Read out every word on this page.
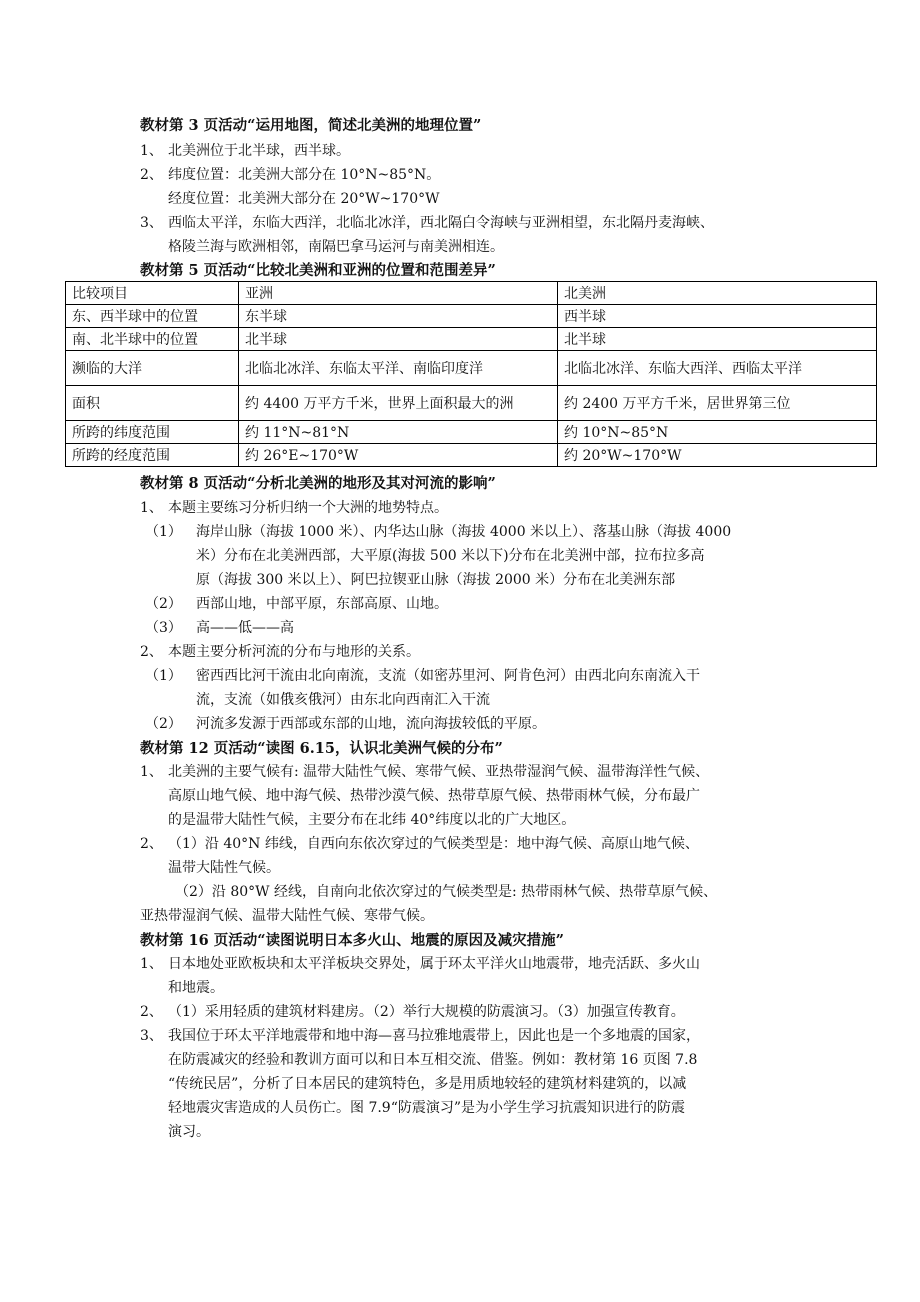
教材第 3 页活动“运用地图，简述北美洲的地理位置”
1、 北美洲位于北半球，西半球。
2、 纬度位置：北美洲大部分在 10°N~85°N。
经度位置：北美洲大部分在 20°W~170°W
3、 西临太平洋，东临大西洋，北临北冰洋，西北隔白令海峡与亚洲相望，东北隔丹麦海峡、
格陵兰海与欧洲相邻，南隔巴拿马运河与南美洲相连。
教材第 5 页活动“比较北美洲和亚洲的位置和范围差异”
比较项目	亚洲	北美洲
东、西半球中的位置	东半球	西半球
南、北半球中的位置	北半球	北半球
濒临的大洋	北临北冰洋、东临太平洋、南临印度洋	北临北冰洋、东临大西洋、西临太平洋
面积	约 4400 万平方千米，世界上面积最大的洲	约 2400 万平方千米，居世界第三位
所跨的纬度范围	约 11°N~81°N	约 10°N~85°N
所跨的经度范围	约 26°E~170°W	约 20°W~170°W
教材第 8 页活动“分析北美洲的地形及其对河流的影响”
1、 本题主要练习分析归纳一个大洲的地势特点。
（1） 海岸山脉（海拔 1000 米）、内华达山脉（海拔 4000 米以上）、落基山脉（海拔 4000
米）分布在北美洲西部，大平原(海拔 500 米以下)分布在北美洲中部，拉布拉多高
原（海拔 300 米以上）、阿巴拉锲亚山脉（海拔 2000 米）分布在北美洲东部
（2） 西部山地，中部平原，东部高原、山地。
（3） 高——低——高
2、 本题主要分析河流的分布与地形的关系。
（1） 密西西比河干流由北向南流，支流（如密苏里河、阿肯色河）由西北向东南流入干
流，支流（如俄亥俄河）由东北向西南汇入干流
（2） 河流多发源于西部或东部的山地，流向海拔较低的平原。
教材第 12 页活动“读图 6.15，认识北美洲气候的分布”
1、 北美洲的主要气候有: 温带大陆性气候、寒带气候、亚热带湿润气候、温带海洋性气候、
高原山地气候、地中海气候、热带沙漠气候、热带草原气候、热带雨林气候，分布最广
的是温带大陆性气候，主要分布在北纬 40°纬度以北的广大地区。
2、 （1）沿 40°N 纬线，自西向东依次穿过的气候类型是：地中海气候、高原山地气候、
温带大陆性气候。
（2）沿 80°W 经线，自南向北依次穿过的气候类型是: 热带雨林气候、热带草原气候、
亚热带湿润气候、温带大陆性气候、寒带气候。
教材第 16 页活动“读图说明日本多火山、地震的原因及减灾措施”
1、 日本地处亚欧板块和太平洋板块交界处，属于环太平洋火山地震带，地壳活跃、多火山
和地震。
2、 （1）采用轻质的建筑材料建房。（2）举行大规模的防震演习。（3）加强宣传教育。
3、 我国位于环太平洋地震带和地中海—喜马拉雅地震带上，因此也是一个多地震的国家，
在防震减灾的经验和教训方面可以和日本互相交流、借鉴。例如：教材第 16 页图 7.8
“传统民居”，分析了日本居民的建筑特色，多是用质地较轻的建筑材料建筑的，以减
轻地震灾害造成的人员伤亡。图 7.9“防震演习”是为小学生学习抗震知识进行的防震
演习。
